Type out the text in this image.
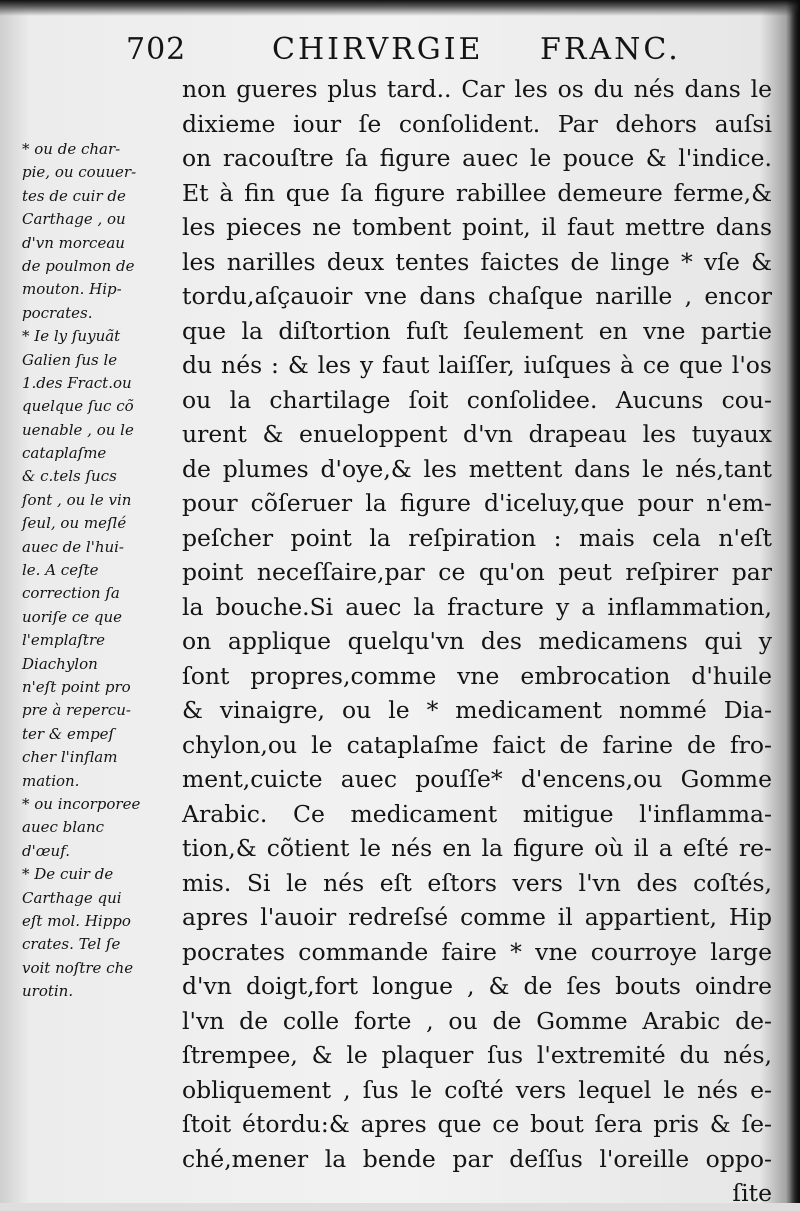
702	CHIRVRGIE FRANC.
* ou de char-
pie, ou couuer-
tes de cuir de
Carthage , ou
d'vn morceau
de poulmon de
mouton. Hip-
pocrates.
* Ie ly ſuyuãt
Galien ſus le
1.des Fract.ou
quelque ſuc cõ
uenable , ou le
cataplaſme
& c.tels ſucs
ſont , ou le vin
ſeul, ou meſlé
auec de l'hui-
le. A ceſte
correction ſa
uoriſe ce que
l'emplaſtre
Diachylon
n'eſt point pro
pre à repercu-
ter & empeſ
cher l'inflam
mation.
* ou incorporee
auec blanc
d'œuf.
* De cuir de
Carthage qui
eſt mol. Hippo
crates. Tel ſe
voit noſtre che
urotin.
non gueres plus tard.. Car les os du nés dans le
dixieme iour ſe conſolident. Par dehors auſsi
on racouſtre ſa figure auec le pouce & l'indice.
Et à fin que ſa figure rabillee demeure ferme,&
les pieces ne tombent point, il faut mettre dans
les narilles deux tentes faictes de linge * vſe &
tordu,aſçauoir vne dans chaſque narille , encor
que la diſtortion fuſt ſeulement en vne partie
du nés : & les y faut laiſſer, iuſques à ce que l'os
ou la chartilage ſoit conſolidee. Aucuns cou-
urent & enueloppent d'vn drapeau les tuyaux
de plumes d'oye,& les mettent dans le nés,tant
pour cõſeruer la figure d'iceluy,que pour n'em-
peſcher point la reſpiration : mais cela n'eſt
point neceſſaire,par ce qu'on peut reſpirer par
la bouche.Si auec la fracture y a inflammation,
on applique quelqu'vn des medicamens qui y
ſont propres,comme vne embrocation d'huile
& vinaigre, ou le * medicament nommé Dia-
chylon,ou le cataplaſme faict de farine de fro-
ment,cuicte auec pouſſe* d'encens,ou Gomme
Arabic. Ce medicament mitigue l'inflamma-
tion,& cõtient le nés en la figure où il a eſté re-
mis. Si le nés eſt eſtors vers l'vn des coſtés,
apres l'auoir redreſsé comme il appartient, Hip
pocrates commande faire * vne courroye large
d'vn doigt,fort longue , & de ſes bouts oindre
l'vn de colle forte , ou de Gomme Arabic de-
ſtrempee, & le plaquer ſus l'extremité du nés,
obliquement , ſus le coſté vers lequel le nés e-
ſtoit étordu:& apres que ce bout ſera pris & ſe-
ché,mener la bende par deſſus l'oreille oppo-
ſite
